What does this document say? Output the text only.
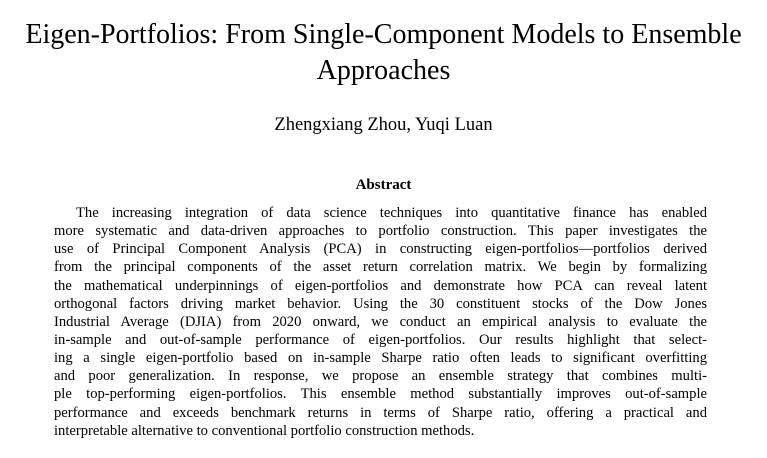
Eigen-Portfolios: From Single-Component Models to Ensemble
Approaches
Zhengxiang Zhou, Yuqi Luan
Abstract
The increasing integration of data science techniques into quantitative finance has enabled
more systematic and data-driven approaches to portfolio construction. This paper investigates the
use of Principal Component Analysis (PCA) in constructing eigen-portfolios—portfolios derived
from the principal components of the asset return correlation matrix. We begin by formalizing
the mathematical underpinnings of eigen-portfolios and demonstrate how PCA can reveal latent
orthogonal factors driving market behavior. Using the 30 constituent stocks of the Dow Jones
Industrial Average (DJIA) from 2020 onward, we conduct an empirical analysis to evaluate the
in-sample and out-of-sample performance of eigen-portfolios. Our results highlight that select-
ing a single eigen-portfolio based on in-sample Sharpe ratio often leads to significant overfitting
and poor generalization. In response, we propose an ensemble strategy that combines multi-
ple top-performing eigen-portfolios. This ensemble method substantially improves out-of-sample
performance and exceeds benchmark returns in terms of Sharpe ratio, offering a practical and
interpretable alternative to conventional portfolio construction methods.
